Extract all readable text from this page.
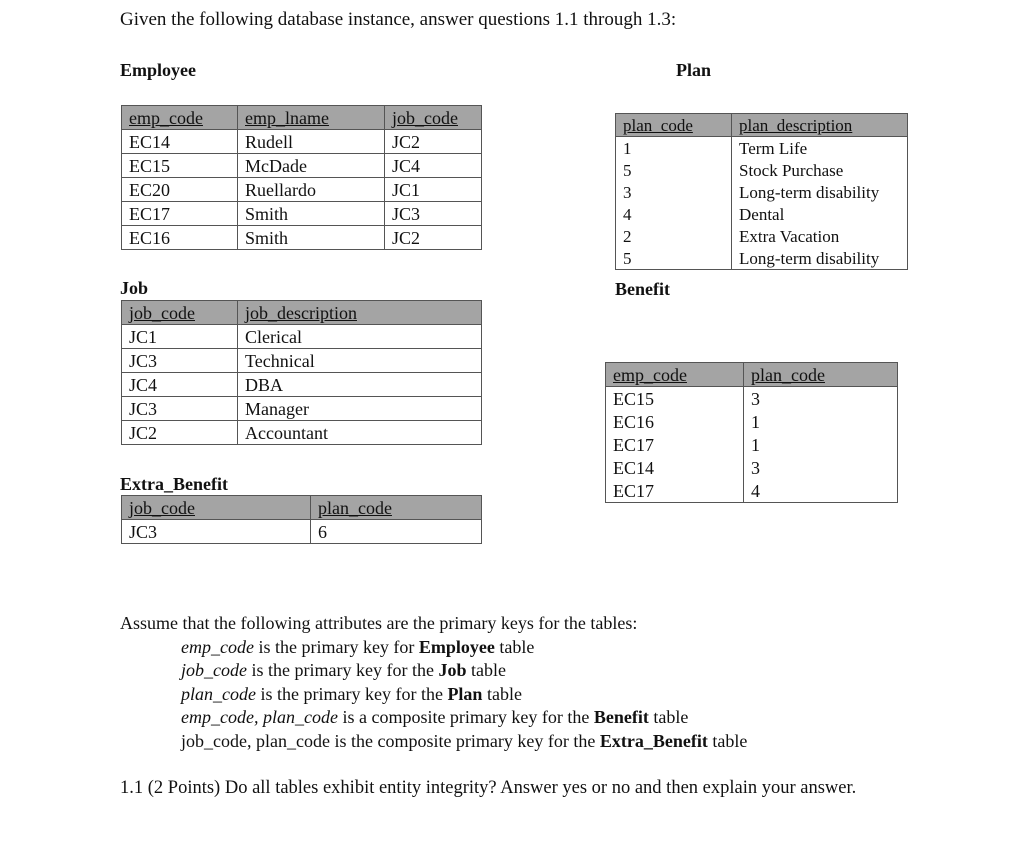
Given the following database instance, answer questions 1.1 through 1.3:
Employee
emp_code	emp_lname	job_code
EC14	Rudell	JC2
EC15	McDade	JC4
EC20	Ruellardo	JC1
EC17	Smith	JC3
EC16	Smith	JC2
Plan
plan_code	plan_description
1	Term Life
5	Stock Purchase
3	Long-term disability
4	Dental
2	Extra Vacation
5	Long-term disability
Job
job_code	job_description
JC1	Clerical
JC3	Technical
JC4	DBA
JC3	Manager
JC2	Accountant
Benefit
emp_code	plan_code
EC15	3
EC16	1
EC17	1
EC14	3
EC17	4
Extra_Benefit
job_code	plan_code
JC3	6
Assume that the following attributes are the primary keys for the tables:
emp_code is the primary key for Employee table
job_code is the primary key for the Job table
plan_code is the primary key for the Plan table
emp_code, plan_code is a composite primary key for the Benefit table
job_code, plan_code is the composite primary key for the Extra_Benefit table
1.1 (2 Points) Do all tables exhibit entity integrity? Answer yes or no and then explain your answer.
